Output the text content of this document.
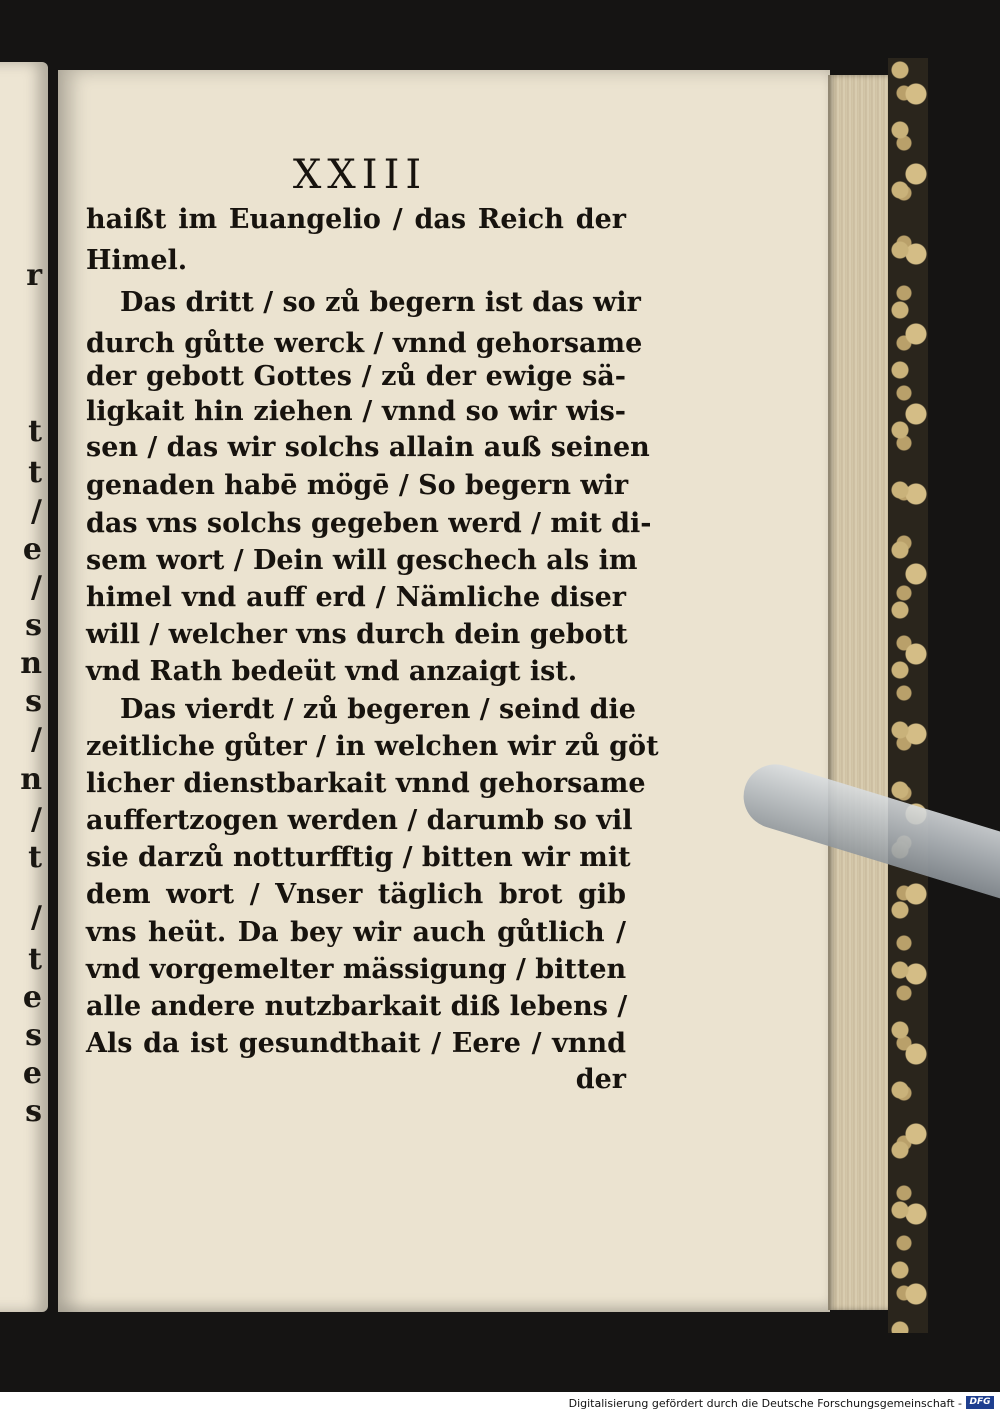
r
t
t
/
e
/
s
n
s
/
n
/
t
/
t
e
s
e
s
XXIII
haißt im Euangelio / das Reich der
Himel.
Das dritt / so zů begern ist das wir
durch gůtte werck / vnnd gehorsame
der gebott Gottes / zů der ewige sä-
ligkait hin ziehen / vnnd so wir wis-
sen / das wir solchs allain auß seinen
genaden habē mögē / So begern wir
das vns solchs gegeben werd / mit di-
sem wort / Dein will geschech als im
himel vnd auff erd / Nämliche diser
will / welcher vns durch dein gebott
vnd Rath bedeüt vnd anzaigt ist.
Das vierdt / zů begeren / seind die
zeitliche gůter / in welchen wir zů göt
licher dienstbarkait vnnd gehorsame
auffertzogen werden / darumb so vil
sie darzů notturfftig / bitten wir mit
dem wort / Vnser täglich brot gib
vns heüt. Da bey wir auch gůtlich /
vnd vorgemelter mässigung / bitten
alle andere nutzbarkait diß lebens /
Als da ist gesundthait / Eere / vnnd
der
Digitalisierung gefördert durch die Deutsche Forschungsgemeinschaft - DFG
